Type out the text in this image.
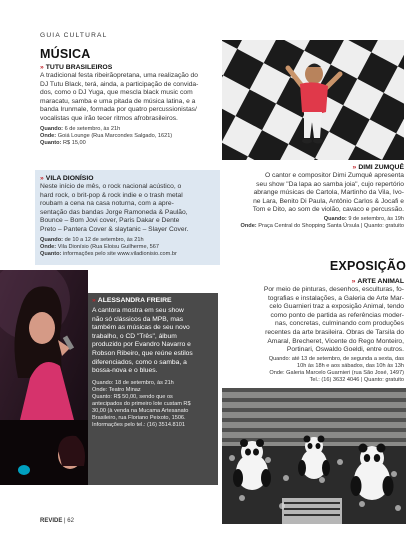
GUIA CULTURAL
MÚSICA
» TUTU BRASILEIROS
A tradicional festa ribeirãopretana, uma realização do
DJ Tutu Black, terá, ainda, a participação de convida-
dos, como o DJ Yuga, que mescla black music com
maracatu, samba e uma pitada de música latina, e a
banda Irunmale, formada por quatro percussionistas/
vocalistas que irão tecer ritmos afrobrasileiros.
Quando: 6 de setembro, às 21h
Onde: Goiá Lounge (Rua Marcondes Salgado, 1621)
Quanto: R$ 15,00
» VILA DIONÍSIO
Neste início de mês, o rock nacional acústico, o
hard rock, o brit-pop & rock indie e o trash metal
roubam a cena na casa noturna, com a apre-
sentação das bandas Jorge Ramoneda & Paulão,
Bounce – Bom Jovi cover, Paris Dakar e Dente
Preto – Pantera Cover & slaytanic – Slayer Cover.
Quando: de 10 a 12 de setembro, às 21h
Onde: Vila Dionísio (Rua Eloisu Guilherme, 567
Quanto: informações pelo site www.viladionisio.com.br
» DIMI ZUMQUÊ
O cantor e compositor Dimi Zumquê apresenta
seu show "Da lapa ao samba joia", cujo repertório
abrange músicas de Cartola, Martinho da Vila, Ivo-
ne Lara, Benito Di Paula, Antônio Carlos & Jocafi e
Tom e Dito, ao som de violão, cavaco e percussão.
Quando: 9 de setembro, às 19h
Onde: Praça Central do Shopping Santa Úrsula | Quanto: gratuito
» ALESSANDRA FREIRE
A cantora mostra em seu show
não só clássicos da MPB, mas
também as músicas de seu novo
trabalho, o CD "Três", álbum
produzido por Evandro Navarro e
Robson Ribeiro, que reúne estilos
diferenciados, como o samba, a
bossa-nova e o blues.
Quando: 18 de setembro, às 21h
Onde: Teatro Minaz
Quanto: R$ 50,00, sendo que os
antecipados do primeiro lote custam R$
30,00 (à venda na Mucama Artesanato
Brasileiro, rua Floriano Peixoto, 1506.
Informações pelo tel.: (16) 3514.8101
EXPOSIÇÃO
» ARTE ANIMAL
Por meio de pinturas, desenhos, esculturas, fo-
tografias e instalações, a Galeria de Arte Mar-
celo Guarnieri traz a exposição Animal, tendo
como ponto de partida as referências moder-
nas, concretas, culminando com produções
recentes da arte brasileira. Obras de Tarsila do
Amaral, Brecheret, Vicente do Rego Monteiro,
Portinari, Oswaldo Goeldi, entre outros.
Quando: até 13 de setembro, de segunda a sexta, das
10h às 18h e aos sábados, das 10h às 13h
Onde: Galeria Marcelo Guarnieri (rua São José, 1497)
Tel.: (16) 3632 4046 | Quanto: gratuito
REVIDE | 62
